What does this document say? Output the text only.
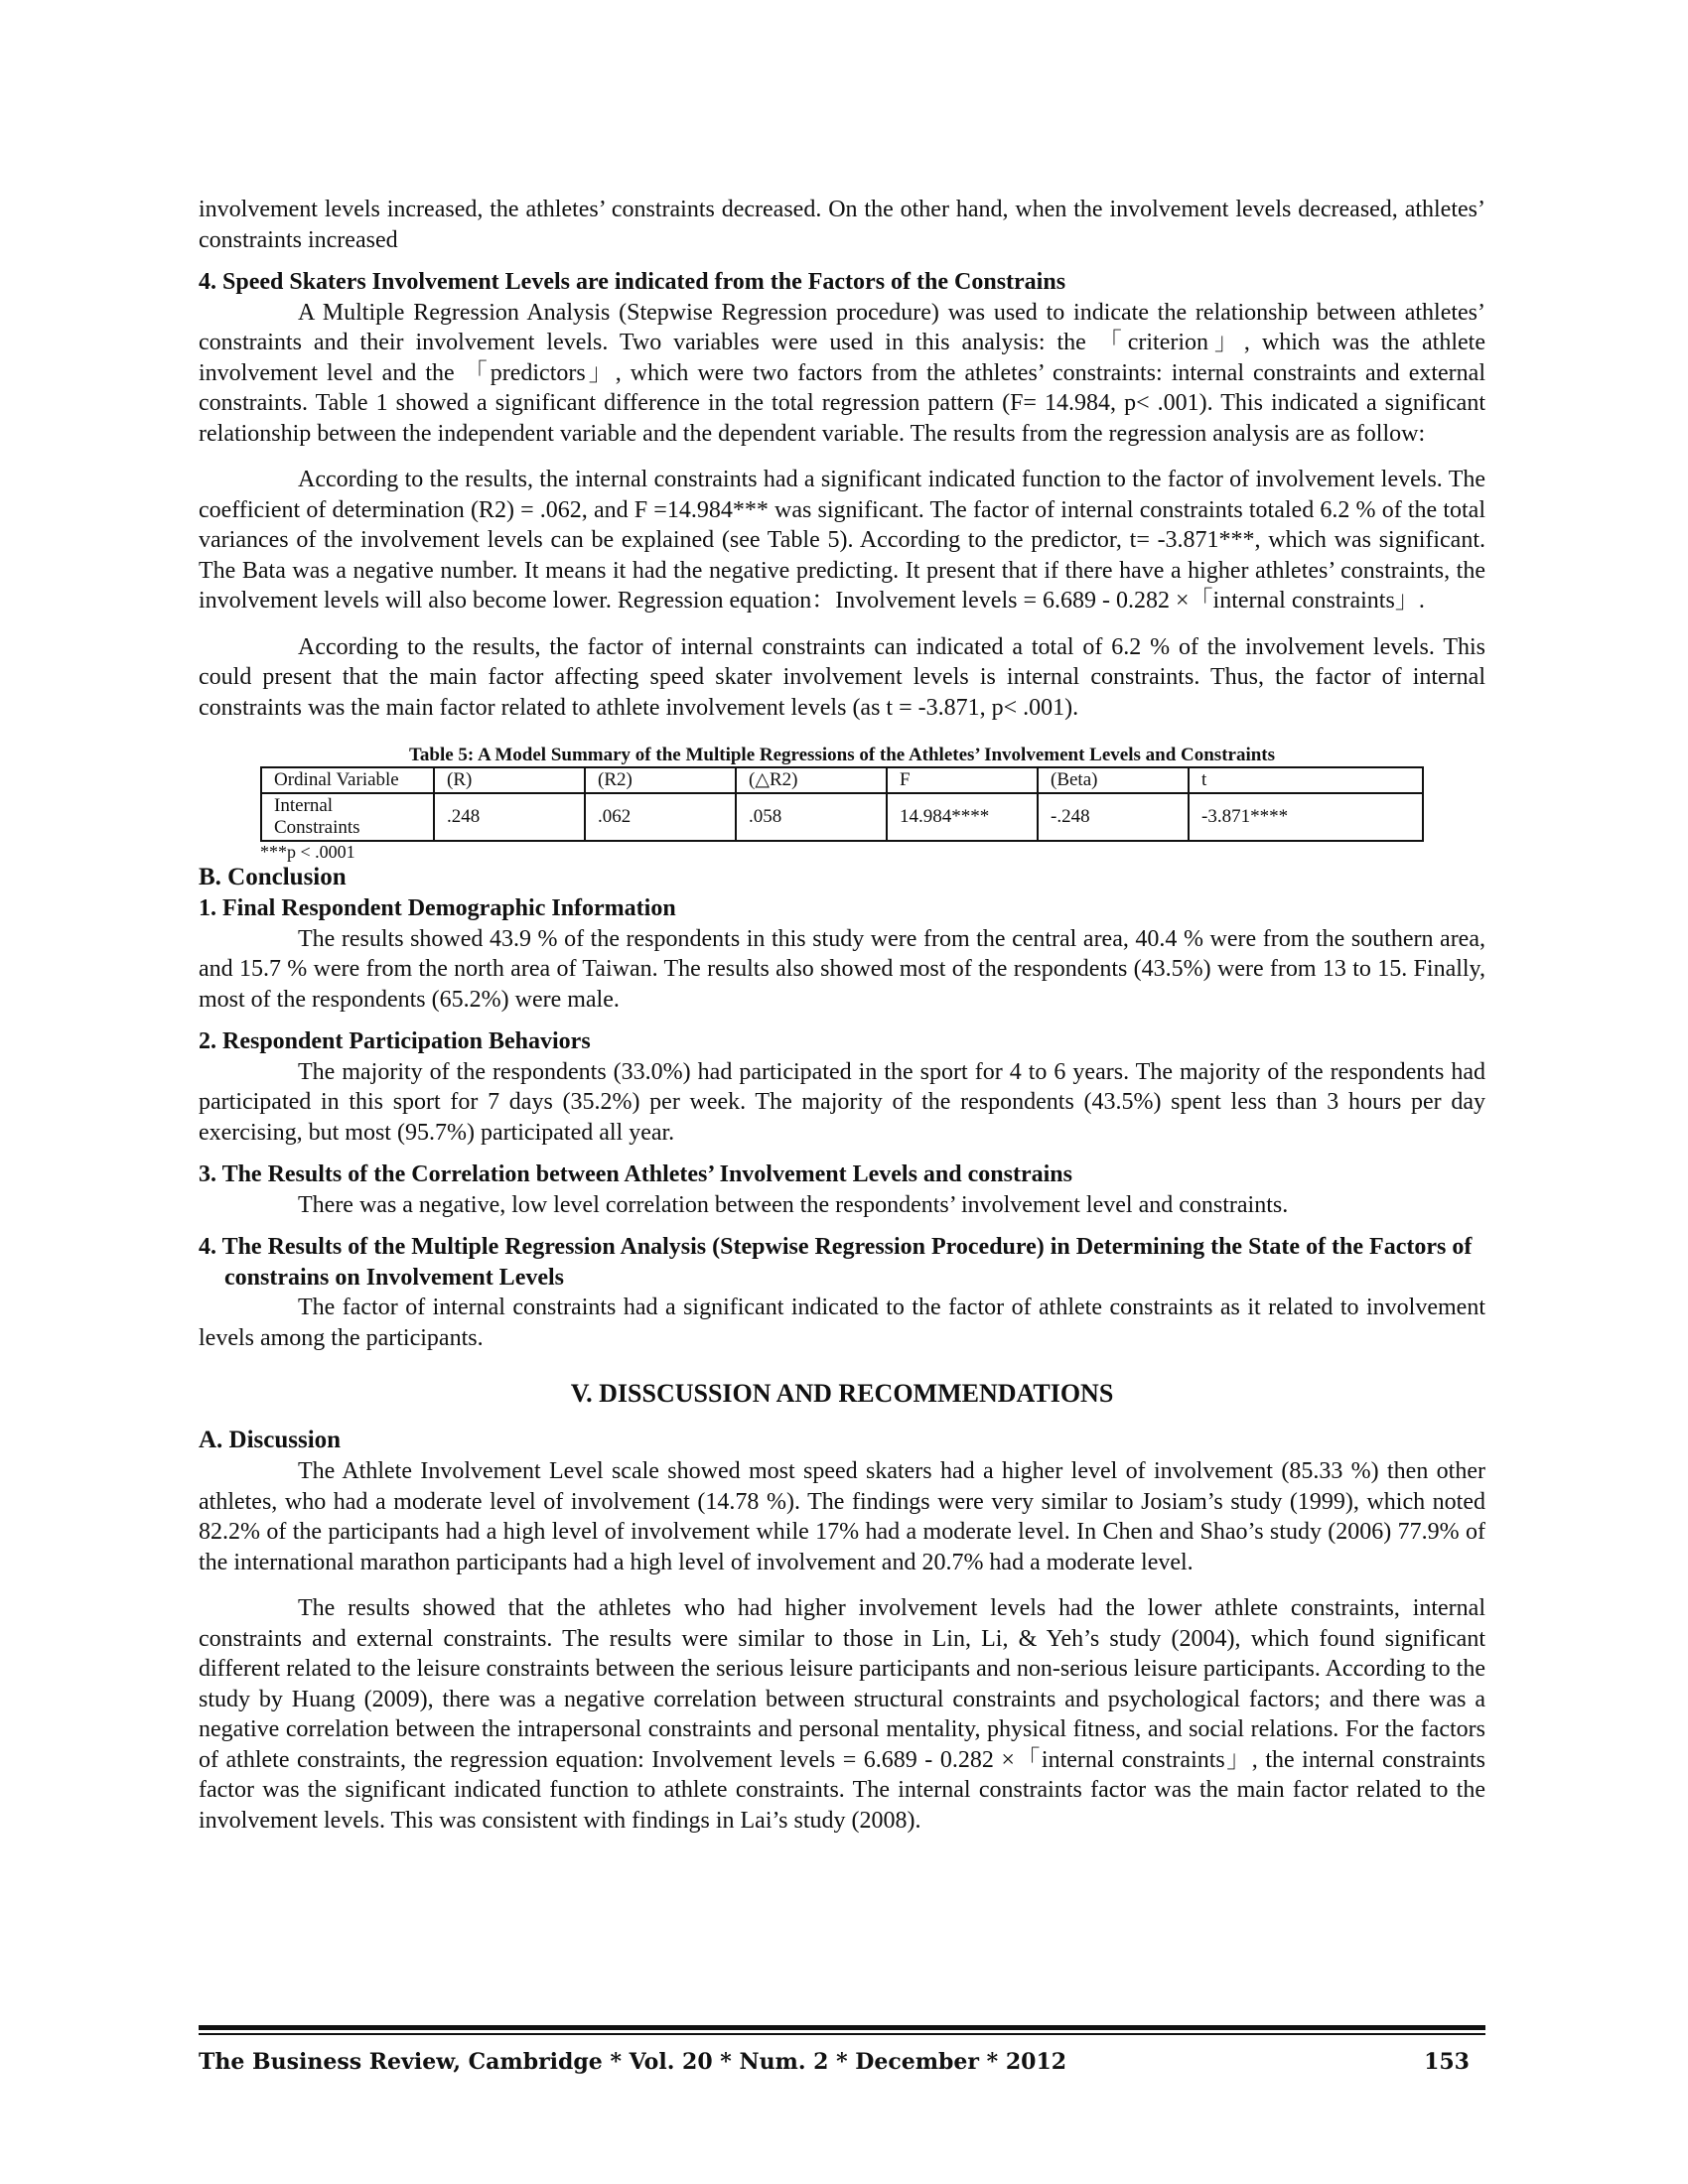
involvement levels increased, the athletes’ constraints decreased. On the other hand, when the involvement levels decreased, athletes’ constraints increased

4. Speed Skaters Involvement Levels are indicated from the Factors of the Constrains

A Multiple Regression Analysis (Stepwise Regression procedure) was used to indicate the relationship between athletes’ constraints and their involvement levels. Two variables were used in this analysis: the 「criterion」, which was the athlete involvement level and the 「predictors」, which were two factors from the athletes’ constraints: internal constraints and external constraints. Table 1 showed a significant difference in the total regression pattern (F= 14.984, p< .001). This indicated a significant relationship between the independent variable and the dependent variable. The results from the regression analysis are as follow:

According to the results, the internal constraints had a significant indicated function to the factor of involvement levels. The coefficient of determination (R2) = .062, and F =14.984*** was significant. The factor of internal constraints totaled 6.2 % of the total variances of the involvement levels can be explained (see Table 5). According to the predictor, t= -3.871***, which was significant. The Bata was a negative number. It means it had the negative predicting. It present that if there have a higher athletes’ constraints, the involvement levels will also become lower. Regression equation：Involvement levels = 6.689 - 0.282 ×「internal constraints」.

According to the results, the factor of internal constraints can indicated a total of 6.2 % of the involvement levels. This could present that the main factor affecting speed skater involvement levels is internal constraints. Thus, the factor of internal constraints was the main factor related to athlete involvement levels (as t = -3.871, p< .001).

Table 5: A Model Summary of the Multiple Regressions of the Athletes’ Involvement Levels and Constraints
Ordinal Variable	(R)	(R2)	(△R2)	F	(Beta)	t
Internal Constraints	.248	.062	.058	14.984****	-.248	-3.871****
***p < .0001
B. Conclusion
1. Final Respondent Demographic Information

The results showed 43.9 % of the respondents in this study were from the central area, 40.4 % were from the southern area, and 15.7 % were from the north area of Taiwan. The results also showed most of the respondents (43.5%) were from 13 to 15. Finally, most of the respondents (65.2%) were male.

2. Respondent Participation Behaviors

The majority of the respondents (33.0%) had participated in the sport for 4 to 6 years. The majority of the respondents had participated in this sport for 7 days (35.2%) per week. The majority of the respondents (43.5%) spent less than 3 hours per day exercising, but most (95.7%) participated all year.

3. The Results of the Correlation between Athletes’ Involvement Levels and constrains

There was a negative, low level correlation between the respondents’ involvement level and constraints.

4. The Results of the Multiple Regression Analysis (Stepwise Regression Procedure) in Determining the State of the Factors of constrains on Involvement Levels

The factor of internal constraints had a significant indicated to the factor of athlete constraints as it related to involvement levels among the participants.

V. DISSCUSSION AND RECOMMENDATIONS
A. Discussion

The Athlete Involvement Level scale showed most speed skaters had a higher level of involvement (85.33 %) then other athletes, who had a moderate level of involvement (14.78 %). The findings were very similar to Josiam’s study (1999), which noted 82.2% of the participants had a high level of involvement while 17% had a moderate level. In Chen and Shao’s study (2006) 77.9% of the international marathon participants had a high level of involvement and 20.7% had a moderate level.

The results showed that the athletes who had higher involvement levels had the lower athlete constraints, internal constraints and external constraints. The results were similar to those in Lin, Li, & Yeh’s study (2004), which found significant different related to the leisure constraints between the serious leisure participants and non-serious leisure participants. According to the study by Huang (2009), there was a negative correlation between structural constraints and psychological factors; and there was a negative correlation between the intrapersonal constraints and personal mentality, physical fitness, and social relations. For the factors of athlete constraints, the regression equation: Involvement levels = 6.689 - 0.282 ×「internal constraints」, the internal constraints factor was the significant indicated function to athlete constraints. The internal constraints factor was the main factor related to the involvement levels. This was consistent with findings in Lai’s study (2008).

The Business Review, Cambridge * Vol. 20 * Num. 2 * December * 2012	153
